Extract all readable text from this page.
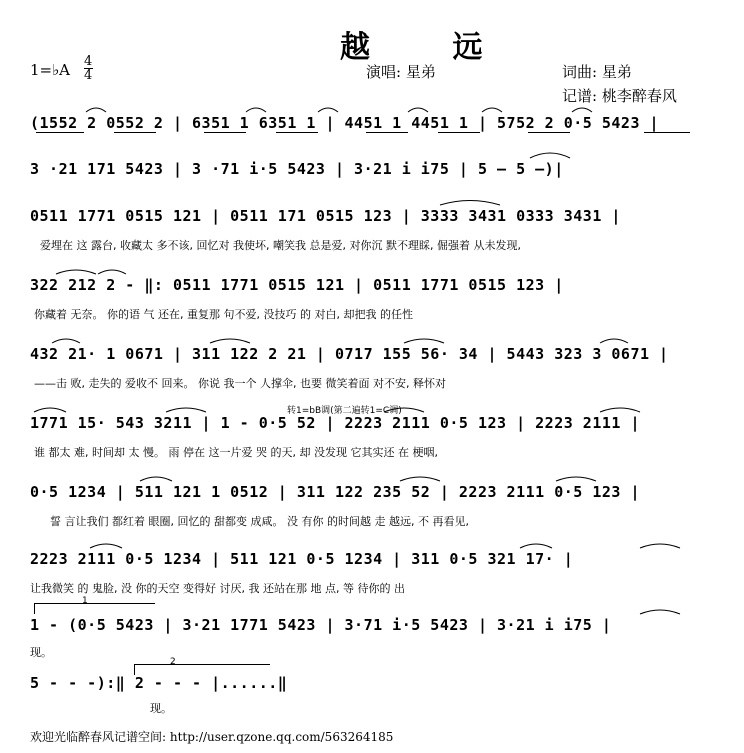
越 远
1=♭A 4
4	演唱: 星弟	词曲: 星弟
记谱: 桃李醉春风
(1552 2 0552 2 | 6351 1 6351 1 | 4451 1 4451 1 | 5752 2 0·5 5423 |
3 ·21 171 5423 | 3 ·71 i·5 5423 | 3·21 i i75 | 5 — 5 —)|
0511 1771 0515 121 | 0511 171 0515 123 | 3333 3431 0333 3431 |
爱埋在 这 露台, 收藏太 多不该, 回忆对 我使坏, 嘲笑我 总是爱, 对你沉 默不理睬, 倔强着 从未发现,
322 212 2 - ‖: 0511 1771 0515 121 | 0511 1771 0515 123 |
你藏着 无奈。 你的语 气 还在, 重复那 句不爱, 没技巧 的 对白, 却把我 的任性
432 21· 1 0671 | 311 122 2 21 | 0717 155 56· 34 | 5443 323 3 0671 |
——击 败, 走失的 爱收不 回来。 你说 我一个 人撑伞, 也要 微笑着面 对不安, 释怀对
转1=bB调(第二遍转1=C调)
1771 15· 543 3211 | 1 - 0·5 52 | 2223 2111 0·5 123 | 2223 2111 |
谁 都太 难, 时间却 太 慢。 雨 停在 这一片爱 哭 的天, 却 没发现 它其实还 在 梗咽,
0·5 1234 | 511 121 1 0512 | 311 122 235 52 | 2223 2111 0·5 123 |
誓 言让我们 都红着 眼圈, 回忆的 甜都变 成咸。 没 有你 的时间越 走 越远, 不 再看见,
2223 2111 0·5 1234 | 511 121 0·5 1234 | 311 0·5 321 17· |
让我微笑 的 鬼脸, 没 你的天空 变得好 讨厌, 我 还站在那 地 点, 等 待你的 出
1
1 - (0·5 5423 | 3·21 1771 5423 | 3·71 i·5 5423 | 3·21 i i75 |
现。
2
5 - - -):‖ 2 - - - |......‖
现。
欢迎光临醉春风记谱空间: http://user.qzone.qq.com/563264185
